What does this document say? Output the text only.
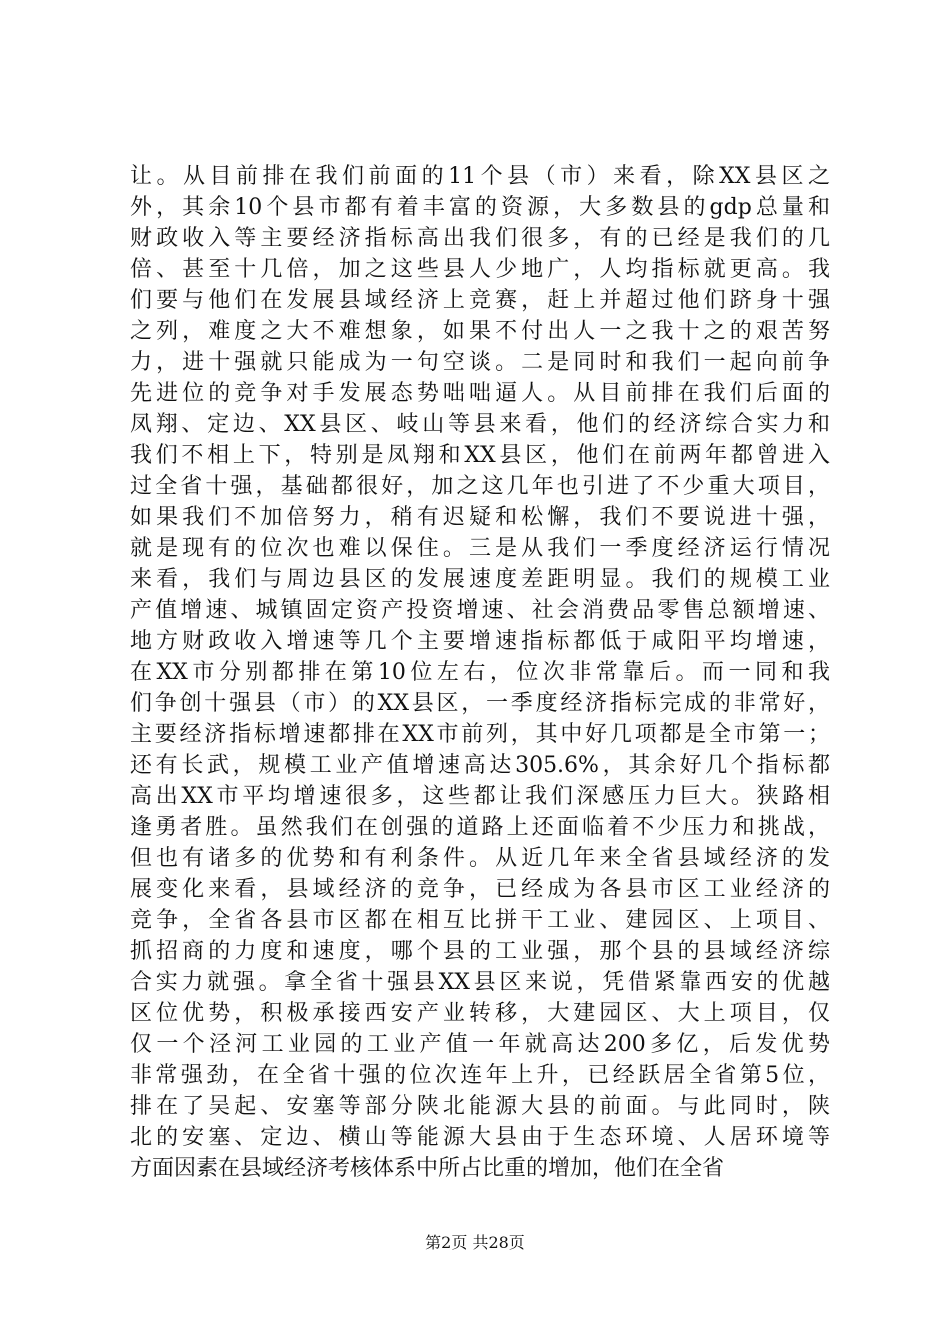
让。从目前排在我们前面的11个县（市）来看，除XX县区之
外，其余10个县市都有着丰富的资源，大多数县的gdp总量和
财政收入等主要经济指标高出我们很多，有的已经是我们的几
倍、甚至十几倍，加之这些县人少地广，人均指标就更高。我
们要与他们在发展县域经济上竞赛，赶上并超过他们跻身十强
之列，难度之大不难想象，如果不付出人一之我十之的艰苦努
力，进十强就只能成为一句空谈。二是同时和我们一起向前争
先进位的竞争对手发展态势咄咄逼人。从目前排在我们后面的
凤翔、定边、XX县区、岐山等县来看，他们的经济综合实力和
我们不相上下，特别是凤翔和XX县区，他们在前两年都曾进入
过全省十强，基础都很好，加之这几年也引进了不少重大项目，
如果我们不加倍努力，稍有迟疑和松懈，我们不要说进十强，
就是现有的位次也难以保住。三是从我们一季度经济运行情况
来看，我们与周边县区的发展速度差距明显。我们的规模工业
产值增速、城镇固定资产投资增速、社会消费品零售总额增速、
地方财政收入增速等几个主要增速指标都低于咸阳平均增速，
在XX市分别都排在第10位左右，位次非常靠后。而一同和我
们争创十强县（市）的XX县区，一季度经济指标完成的非常好，
主要经济指标增速都排在XX市前列，其中好几项都是全市第一；
还有长武，规模工业产值增速高达305.6%，其余好几个指标都
高出XX市平均增速很多，这些都让我们深感压力巨大。狭路相
逢勇者胜。虽然我们在创强的道路上还面临着不少压力和挑战，
但也有诸多的优势和有利条件。从近几年来全省县域经济的发
展变化来看，县域经济的竞争，已经成为各县市区工业经济的
竞争，全省各县市区都在相互比拼干工业、建园区、上项目、
抓招商的力度和速度，哪个县的工业强，那个县的县域经济综
合实力就强。拿全省十强县XX县区来说，凭借紧靠西安的优越
区位优势，积极承接西安产业转移，大建园区、大上项目，仅
仅一个泾河工业园的工业产值一年就高达200多亿，后发优势
非常强劲，在全省十强的位次连年上升，已经跃居全省第5位，
排在了吴起、安塞等部分陕北能源大县的前面。与此同时，陕
北的安塞、定边、横山等能源大县由于生态环境、人居环境等
方面因素在县域经济考核体系中所占比重的增加，他们在全省
第2页 共28页
